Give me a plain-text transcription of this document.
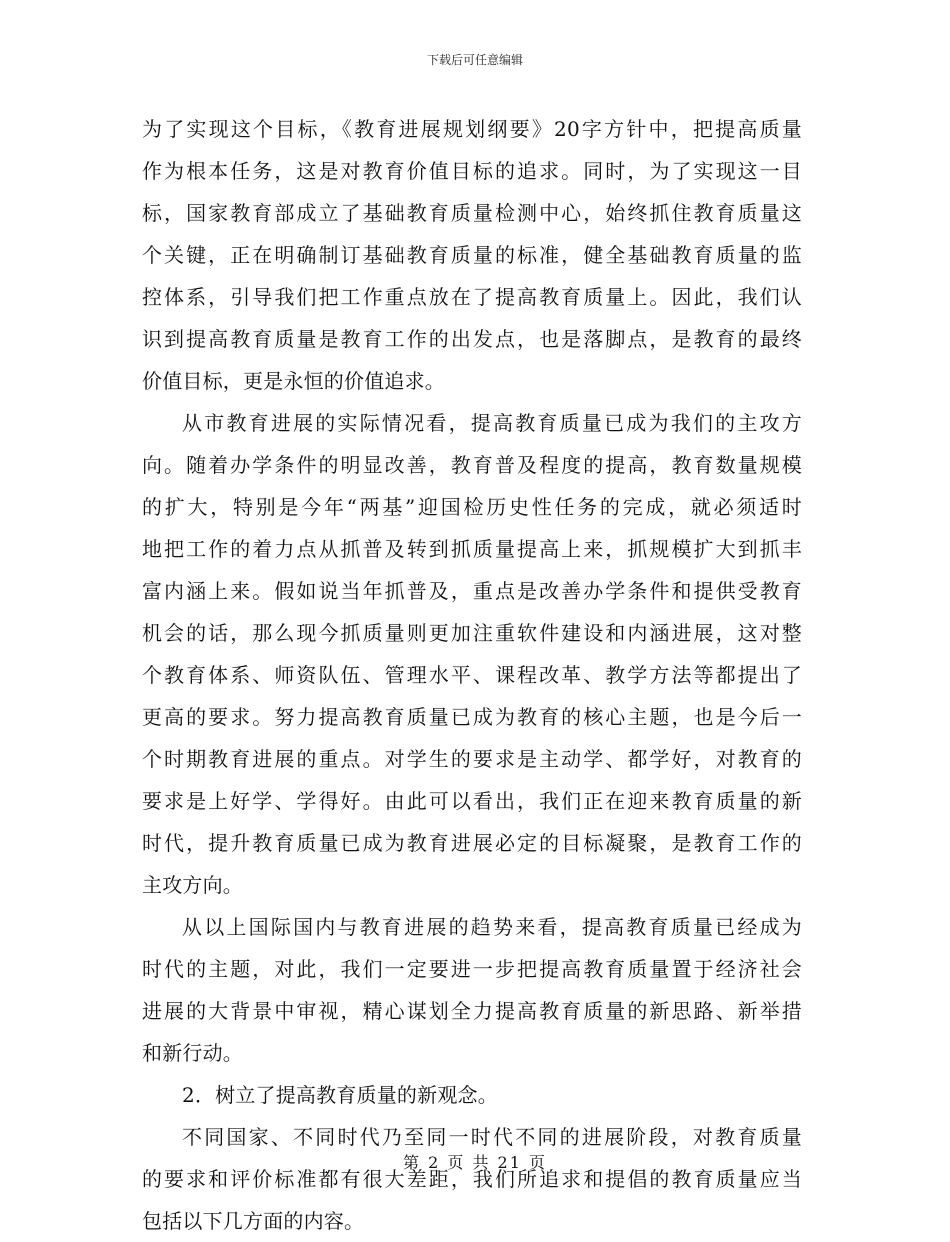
下载后可任意编辑
为了实现这个目标，《教育进展规划纲要》20字方针中，把提高质量
作为根本任务，这是对教育价值目标的追求。同时，为了实现这一目
标，国家教育部成立了基础教育质量检测中心，始终抓住教育质量这
个关键，正在明确制订基础教育质量的标准，健全基础教育质量的监
控体系，引导我们把工作重点放在了提高教育质量上。因此，我们认
识到提高教育质量是教育工作的出发点，也是落脚点，是教育的最终
价值目标，更是永恒的价值追求。
从市教育进展的实际情况看，提高教育质量已成为我们的主攻方
向。随着办学条件的明显改善，教育普及程度的提高，教育数量规模
的扩大，特别是今年“两基”迎国检历史性任务的完成，就必须适时
地把工作的着力点从抓普及转到抓质量提高上来，抓规模扩大到抓丰
富内涵上来。假如说当年抓普及，重点是改善办学条件和提供受教育
机会的话，那么现今抓质量则更加注重软件建设和内涵进展，这对整
个教育体系、师资队伍、管理水平、课程改革、教学方法等都提出了
更高的要求。努力提高教育质量已成为教育的核心主题，也是今后一
个时期教育进展的重点。对学生的要求是主动学、都学好，对教育的
要求是上好学、学得好。由此可以看出，我们正在迎来教育质量的新
时代，提升教育质量已成为教育进展必定的目标凝聚，是教育工作的
主攻方向。
从以上国际国内与教育进展的趋势来看，提高教育质量已经成为
时代的主题，对此，我们一定要进一步把提高教育质量置于经济社会
进展的大背景中审视，精心谋划全力提高教育质量的新思路、新举措
和新行动。
2．树立了提高教育质量的新观念。
不同国家、不同时代乃至同一时代不同的进展阶段，对教育质量
的要求和评价标准都有很大差距，我们所追求和提倡的教育质量应当
包括以下几方面的内容。
第 2 页 共 21 页
